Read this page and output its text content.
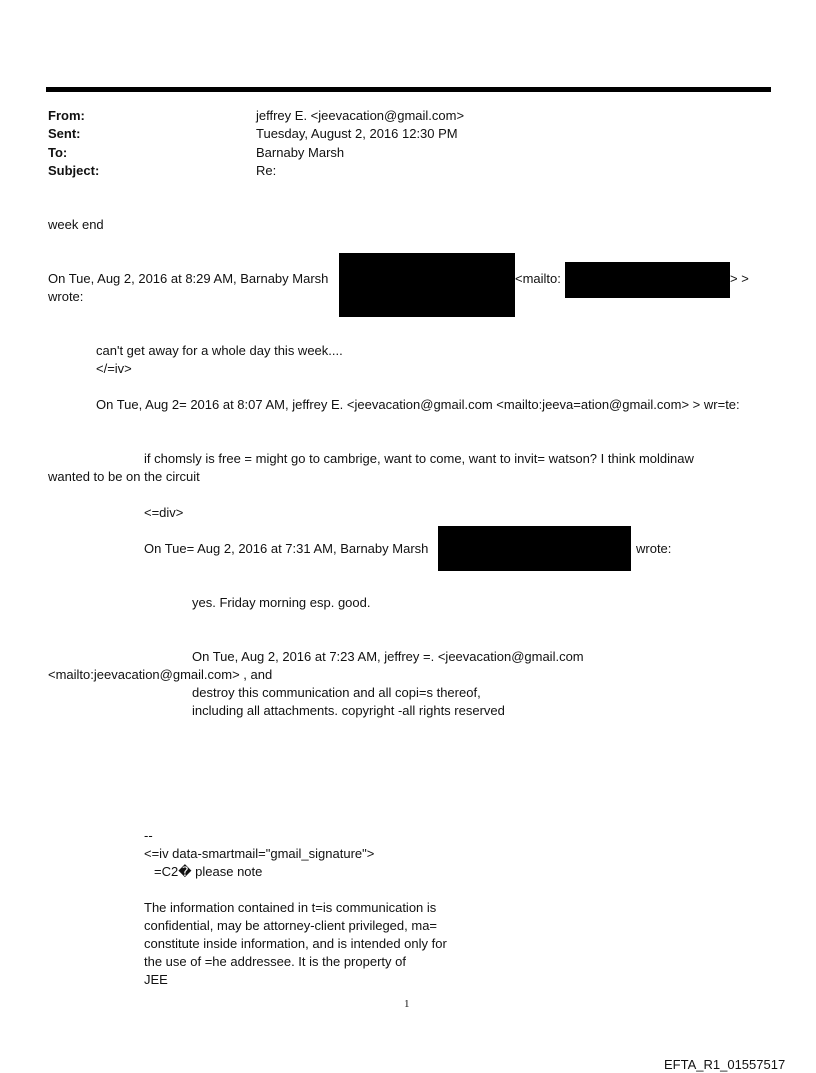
From:	jeffrey E. <jeevacation@gmail.com>
Sent:	Tuesday, August 2, 2016 12:30 PM
To:	Barnaby Marsh
Subject:	Re:
week end
On Tue, Aug 2, 2016 at 8:29 AM, Barnaby Marsh	<mailto:	> >
wrote:
can't get away for a whole day this week....
</=iv>
On Tue, Aug 2= 2016 at 8:07 AM, jeffrey E. <jeevacation@gmail.com <mailto:jeeva=ation@gmail.com> > wr=te:
if chomsly is free = might go to cambrige, want to come, want to invit= watson? I think moldinaw
wanted to be on the circuit
<=div>
On Tue= Aug 2, 2016 at 7:31 AM, Barnaby Marsh	wrote:
yes. Friday morning esp. good.
On Tue, Aug 2, 2016 at 7:23 AM, jeffrey =. <jeevacation@gmail.com
<mailto:jeevacation@gmail.com> , and
destroy this communication and all copi=s thereof,
including all attachments. copyright -all rights reserved
--
<=iv data-smartmail="gmail_signature">
=C2� please note
The information contained in t=is communication is
confidential, may be attorney-client privileged, ma=
constitute inside information, and is intended only for
the use of =he addressee. It is the property of
JEE
1
EFTA_R1_01557517
